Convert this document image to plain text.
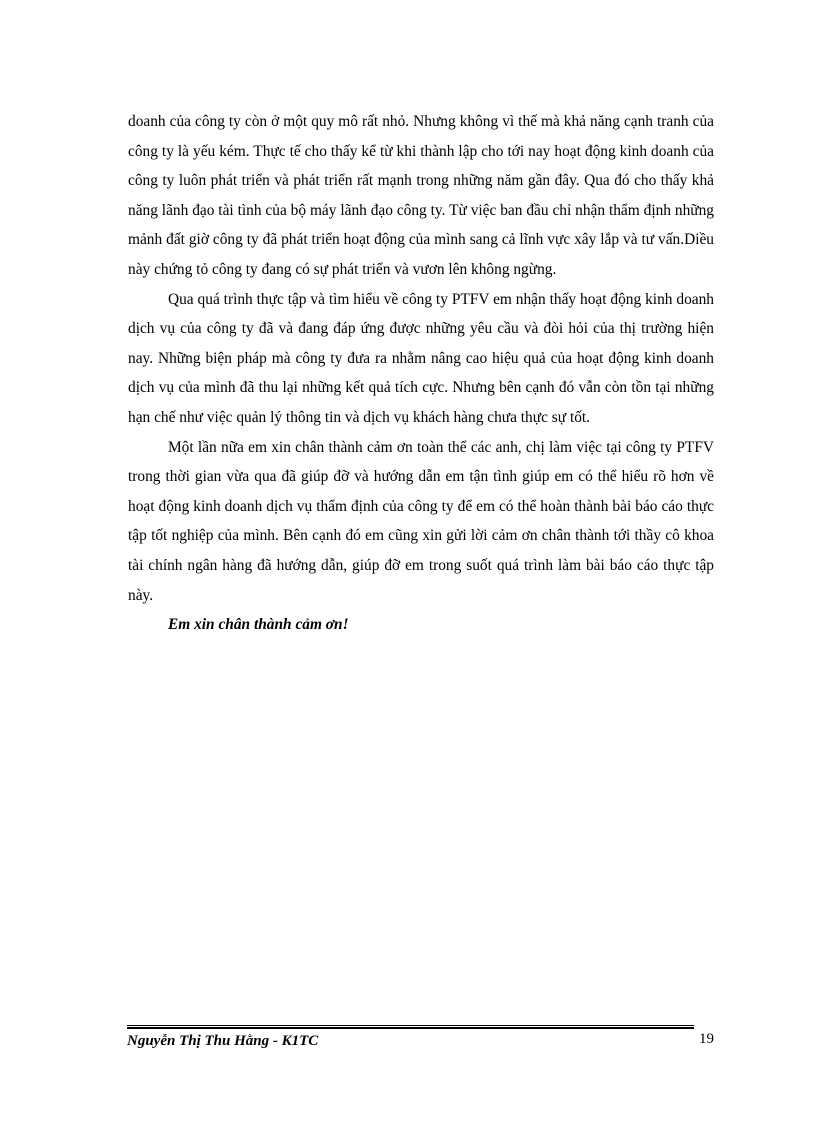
doanh của công ty còn ở một quy mô rất nhỏ. Nhưng không vì thế mà khả năng cạnh tranh của công ty là yếu kém. Thực tế cho thấy kể từ khi thành lập cho tới nay hoạt động kinh doanh của công ty luôn phát triển và phát triển rất mạnh trong những năm gần đây. Qua đó cho thấy khả năng lãnh đạo tài tình của bộ máy lãnh đạo công ty. Từ việc ban đầu chỉ nhận thẩm định những mảnh đất giờ công ty đã phát triển hoạt động của mình sang cả lĩnh vực xây lắp và tư vấn.Diều này chứng tỏ công ty đang có sự phát triển và vươn lên không ngừng.

Qua quá trình thực tập và tìm hiểu về công ty PTFV em nhận thấy hoạt động kinh doanh dịch vụ của công ty đã và đang đáp ứng được những yêu cầu và đòi hỏi của thị trường hiện nay. Những biện pháp mà công ty đưa ra nhằm nâng cao hiệu quả của hoạt động kinh doanh dịch vụ của mình đã thu lại những kết quả tích cực. Nhưng bên cạnh đó vẫn còn tồn tại những hạn chế như việc quản lý thông tin và dịch vụ khách hàng chưa thực sự tốt.

Một lần nữa em xin chân thành cảm ơn toàn thể các anh, chị làm việc tại công ty PTFV trong thời gian vừa qua đã giúp đỡ và hướng dẫn em tận tình giúp em có thể hiểu rõ hơn về hoạt động kinh doanh dịch vụ thẩm định của công ty để em có thể hoàn thành bài báo cáo thực tập tốt nghiệp của mình. Bên cạnh đó em cũng xin gửi lời cảm ơn chân thành tới thầy cô khoa tài chính ngân hàng đã hướng dẫn, giúp đỡ em trong suốt quá trình làm bài báo cáo thực tập này.

Em xin chân thành cảm ơn!

Nguyễn Thị Thu Hằng - K1TC	19
